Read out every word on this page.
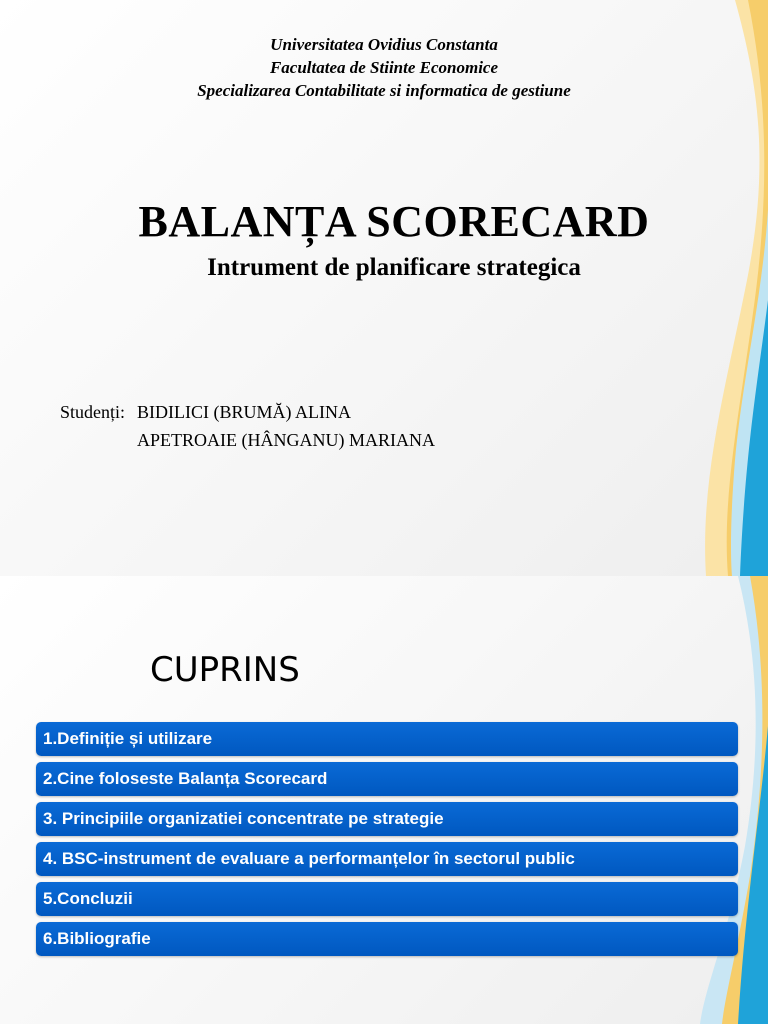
Universitatea Ovidius Constanta

Facultatea de Stiinte Economice

Specializarea Contabilitate si informatica de gestiune

BALANȚA SCORECARD
Intrument de planificare strategica
Studenți: BIDILICI (BRUMĂ) ALINA
APETROAIE (HÂNGANU) MARIANA
CUPRINS
1.Definiție și utilizare
2.Cine foloseste Balanța Scorecard
3. Principiile organizatiei concentrate pe strategie
4. BSC-instrument de evaluare a performanțelor în sectorul public
5.Concluzii
6.Bibliografie
